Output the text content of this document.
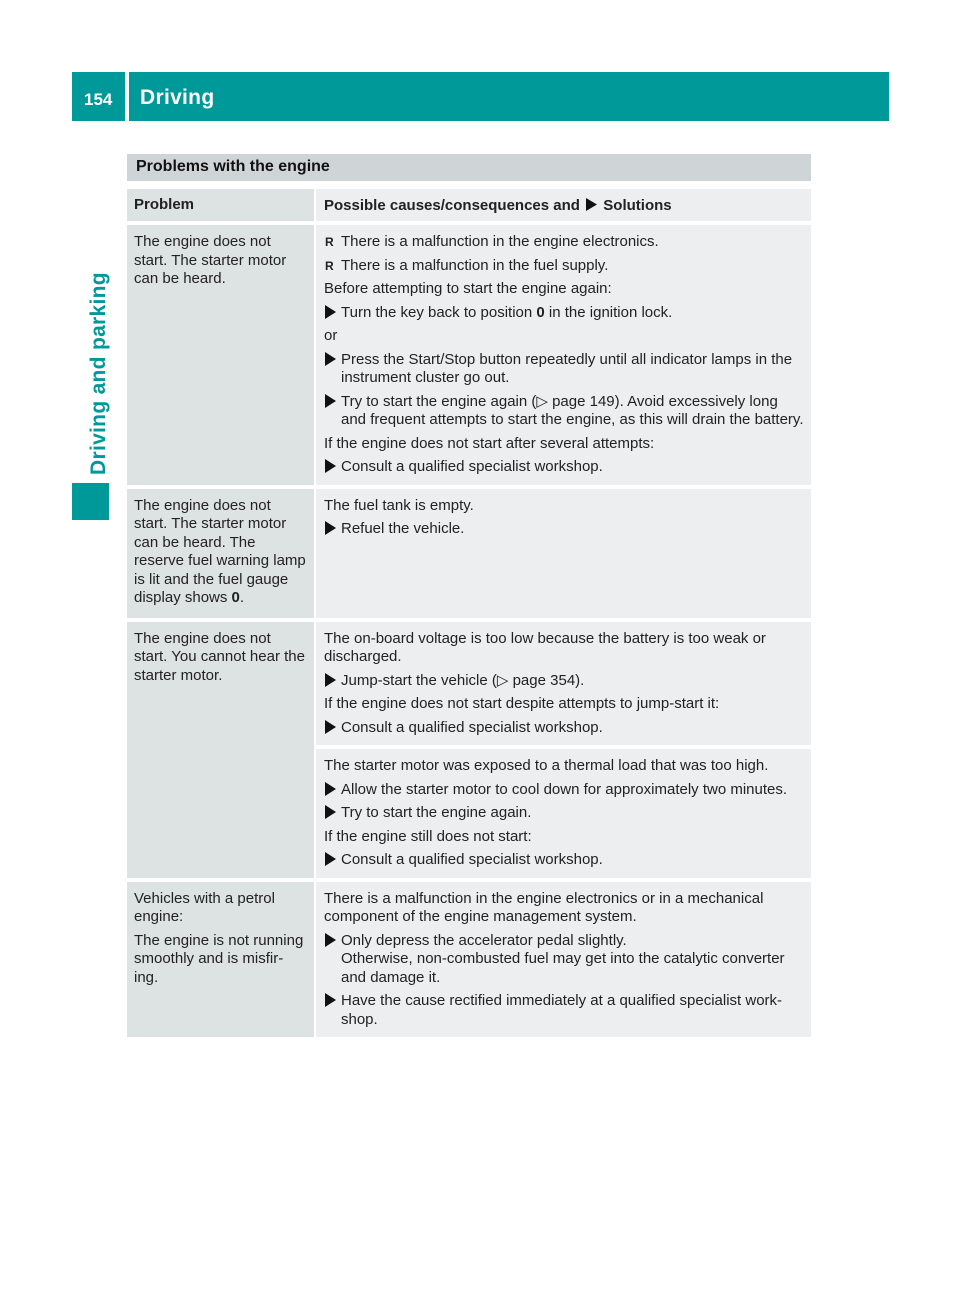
154	Driving
Driving and parking
Problems with the engine
Problem	Possible causes/consequences and Solutions
The engine does not start. The starter motor can be heard.
R There is a malfunction in the engine electronics.
R There is a malfunction in the fuel supply.
Before attempting to start the engine again:
Turn the key back to position 0 in the ignition lock.
or
Press the Start/Stop button repeatedly until all indicator lamps in the instrument cluster go out.
Try to start the engine again (▷ page 149). Avoid excessively long and frequent attempts to start the engine, as this will drain the battery.
If the engine does not start after several attempts:
Consult a qualified specialist workshop.
The engine does not start. The starter motor can be heard. The reserve fuel warning lamp is lit and the fuel gauge display shows 0.
The fuel tank is empty.
Refuel the vehicle.
The engine does not start. You cannot hear the starter motor.
The on-board voltage is too low because the battery is too weak or discharged.
Jump-start the vehicle (▷ page 354).
If the engine does not start despite attempts to jump-start it:
Consult a qualified specialist workshop.
The starter motor was exposed to a thermal load that was too high.
Allow the starter motor to cool down for approximately two minutes.
Try to start the engine again.
If the engine still does not start:
Consult a qualified specialist workshop.
Vehicles with a petrol engine:
The engine is not running smoothly and is misfir- ing.
There is a malfunction in the engine electronics or in a mechanical component of the engine management system.
Only depress the accelerator pedal slightly.
Otherwise, non-combusted fuel may get into the catalytic converter and damage it.
Have the cause rectified immediately at a qualified specialist work- shop.
